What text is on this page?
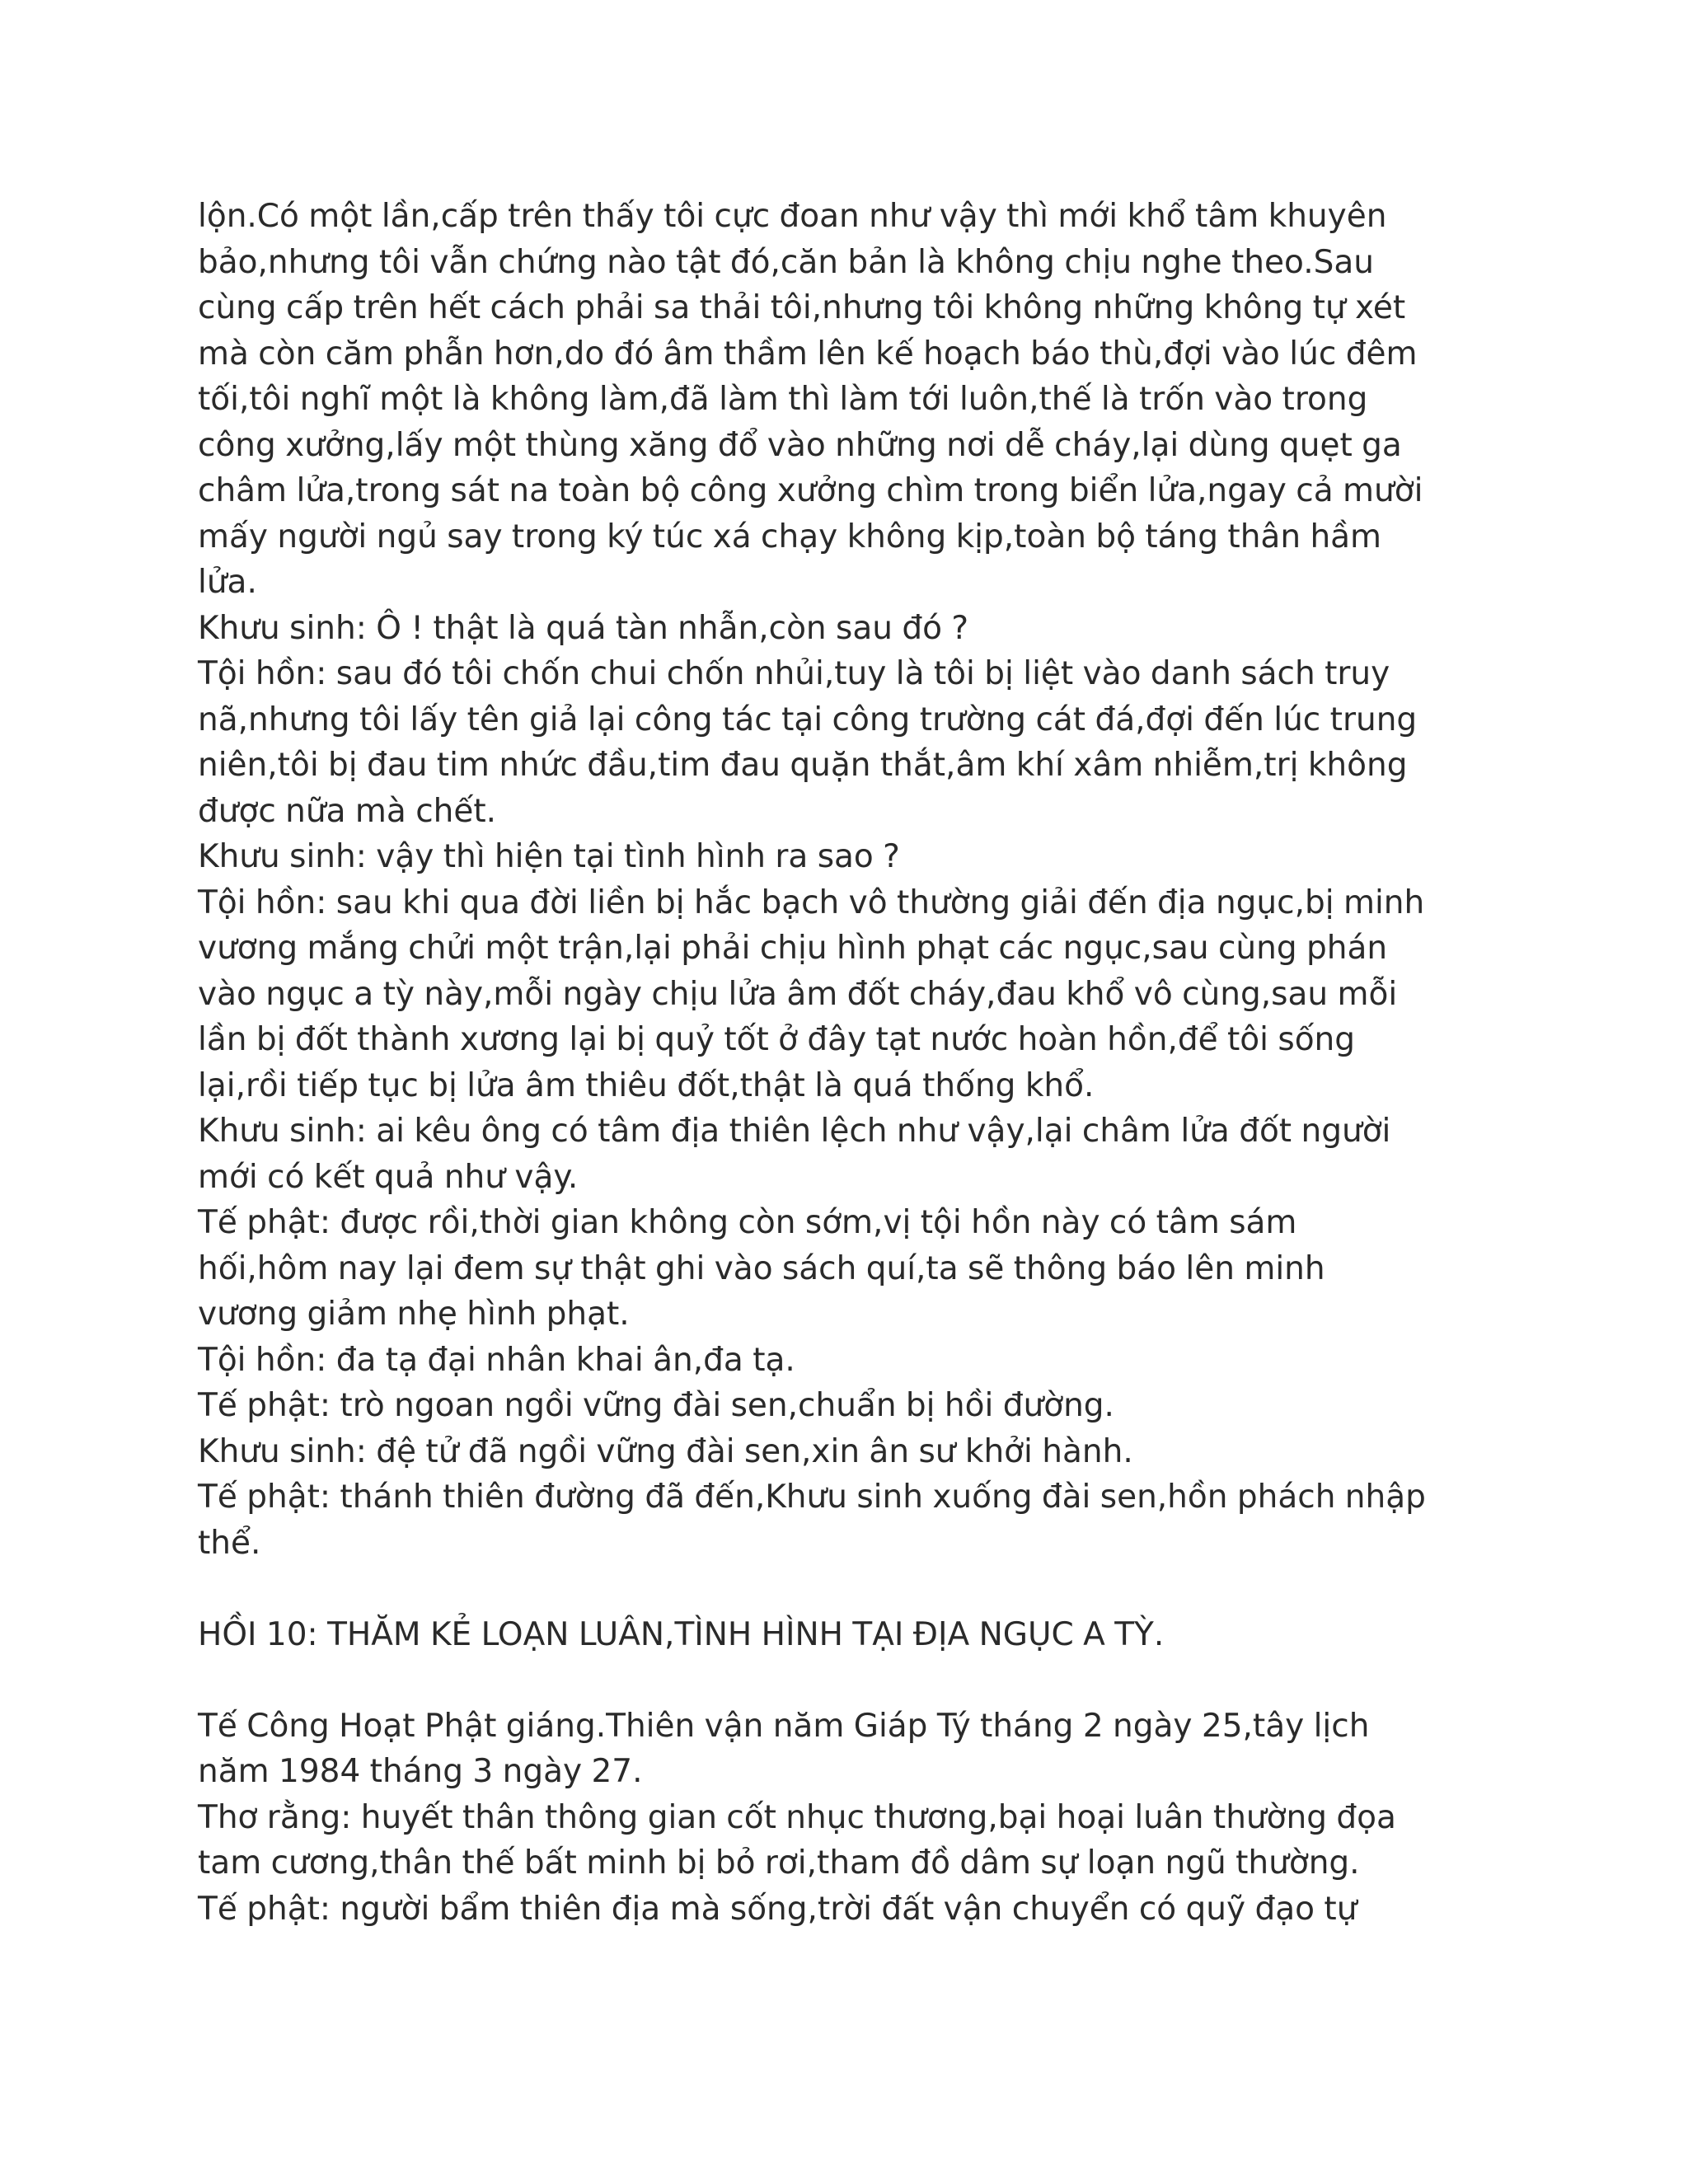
lộn.Có một lần,cấp trên thấy tôi cực đoan như vậy thì mới khổ tâm khuyên
bảo,nhưng tôi vẫn chứng nào tật đó,căn bản là không chịu nghe theo.Sau
cùng cấp trên hết cách phải sa thải tôi,nhưng tôi không những không tự xét
mà còn căm phẫn hơn,do đó âm thầm lên kế hoạch báo thù,đợi vào lúc đêm
tối,tôi nghĩ một là không làm,đã làm thì làm tới luôn,thế là trốn vào trong
công xưởng,lấy một thùng xăng đổ vào những nơi dễ cháy,lại dùng quẹt ga
châm lửa,trong sát na toàn bộ công xưởng chìm trong biển lửa,ngay cả mười
mấy người ngủ say trong ký túc xá chạy không kịp,toàn bộ táng thân hầm
lửa.
Khưu sinh: Ô ! thật là quá tàn nhẫn,còn sau đó ?
Tội hồn: sau đó tôi chốn chui chốn nhủi,tuy là tôi bị liệt vào danh sách truy
nã,nhưng tôi lấy tên giả lại công tác tại công trường cát đá,đợi đến lúc trung
niên,tôi bị đau tim nhức đầu,tim đau quặn thắt,âm khí xâm nhiễm,trị không
được nữa mà chết.
Khưu sinh: vậy thì hiện tại tình hình ra sao ?
Tội hồn: sau khi qua đời liền bị hắc bạch vô thường giải đến địa ngục,bị minh
vương mắng chửi một trận,lại phải chịu hình phạt các ngục,sau cùng phán
vào ngục a tỳ này,mỗi ngày chịu lửa âm đốt cháy,đau khổ vô cùng,sau mỗi
lần bị đốt thành xương lại bị quỷ tốt ở đây tạt nước hoàn hồn,để tôi sống
lại,rồi tiếp tục bị lửa âm thiêu đốt,thật là quá thống khổ.
Khưu sinh: ai kêu ông có tâm địa thiên lệch như vậy,lại châm lửa đốt người
mới có kết quả như vậy.
Tế phật: được rồi,thời gian không còn sớm,vị tội hồn này có tâm sám
hối,hôm nay lại đem sự thật ghi vào sách quí,ta sẽ thông báo lên minh
vương giảm nhẹ hình phạt.
Tội hồn: đa tạ đại nhân khai ân,đa tạ.
Tế phật: trò ngoan ngồi vững đài sen,chuẩn bị hồi đường.
Khưu sinh: đệ tử đã ngồi vững đài sen,xin ân sư khởi hành.
Tế phật: thánh thiên đường đã đến,Khưu sinh xuống đài sen,hồn phách nhập
thể.
HỒI 10: THĂM KẺ LOẠN LUÂN,TÌNH HÌNH TẠI ĐỊA NGỤC A TỲ.
Tế Công Hoạt Phật giáng.Thiên vận năm Giáp Tý tháng 2 ngày 25,tây lịch
năm 1984 tháng 3 ngày 27.
Thơ rằng: huyết thân thông gian cốt nhục thương,bại hoại luân thường đọa
tam cương,thân thế bất minh bị bỏ rơi,tham đồ dâm sự loạn ngũ thường.
Tế phật: người bẩm thiên địa mà sống,trời đất vận chuyển có quỹ đạo tự
